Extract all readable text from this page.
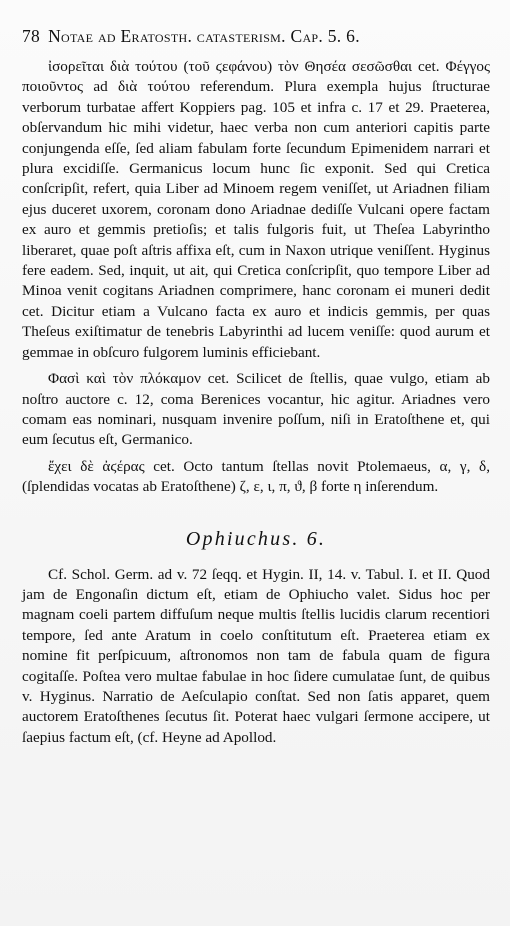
78 Notae ad Eratosth. catasterism. Cap. 5. 6.

ἰσορεῖται διὰ τούτου (τοῦ ϛεφάνου) τὸν Θησέα σεσῶσθαι cet. Φέγγος ποιοῦντος ad διὰ τούτου referendum. Plura exempla hujus ſtructurae verborum turbatae affert Koppiers pag. 105 et infra c. 17 et 29. Praeterea, obſervandum hic mihi videtur, haec verba non cum anteriori capitis parte conjungenda eſſe, ſed aliam fabulam forte ſecundum Epimenidem narrari et plura excidiſſe. Germanicus locum hunc ſic exponit. Sed qui Cretica conſcripſit, refert, quia Liber ad Minoem regem veniſſet, ut Ariadnen filiam ejus duceret uxorem, coronam dono Ariadnae dediſſe Vulcani opere factam ex auro et gemmis pretioſis; et talis fulgoris fuit, ut Theſea Labyrintho liberaret, quae poſt aſtris affixa eſt, cum in Naxon utrique veniſſent. Hyginus fere eadem. Sed, inquit, ut ait, qui Cretica conſcripſit, quo tempore Liber ad Minoa venit cogitans Ariadnen comprimere, hanc coronam ei muneri dedit cet. Dicitur etiam a Vulcano facta ex auro et indicis gemmis, per quas Theſeus exiſtimatur de tenebris Labyrinthi ad lucem veniſſe: quod aurum et gemmae in obſcuro fulgorem luminis efficiebant.

Φασὶ καὶ τὸν πλόκαμον cet. Scilicet de ſtellis, quae vulgo, etiam ab noſtro auctore c. 12, coma Berenices vocantur, hic agitur. Ariadnes vero comam eas nominari, nusquam invenire poſſum, niſi in Eratoſthene et, qui eum ſecutus eſt, Germanico.

ἔχει δὲ ἀϛέρας cet. Octo tantum ſtellas novit Ptolemaeus, α, γ, δ, (ſplendidas vocatas ab Eratoſthene) ζ, ε, ι, π, ϑ, β forte η inſerendum.

Ophiuchus. 6.

Cf. Schol. Germ. ad v. 72 ſeqq. et Hygin. II, 14. v. Tabul. I. et II. Quod jam de Engonaſin dictum eſt, etiam de Ophiucho valet. Sidus hoc per magnam coeli partem diffuſum neque multis ſtellis lucidis clarum recentiori tempore, ſed ante Aratum in coelo conſtitutum eſt. Praeterea etiam ex nomine fit perſpicuum, aſtronomos non tam de fabula quam de figura cogitaſſe. Poſtea vero multae fabulae in hoc ſidere cumulatae ſunt, de quibus v. Hyginus. Narratio de Aeſculapio conſtat. Sed non ſatis apparet, quem auctorem Eratoſthenes ſecutus ſit. Poterat haec vulgari ſermone accipere, ut ſaepius factum eſt, (cf. Heyne ad Apollod.
